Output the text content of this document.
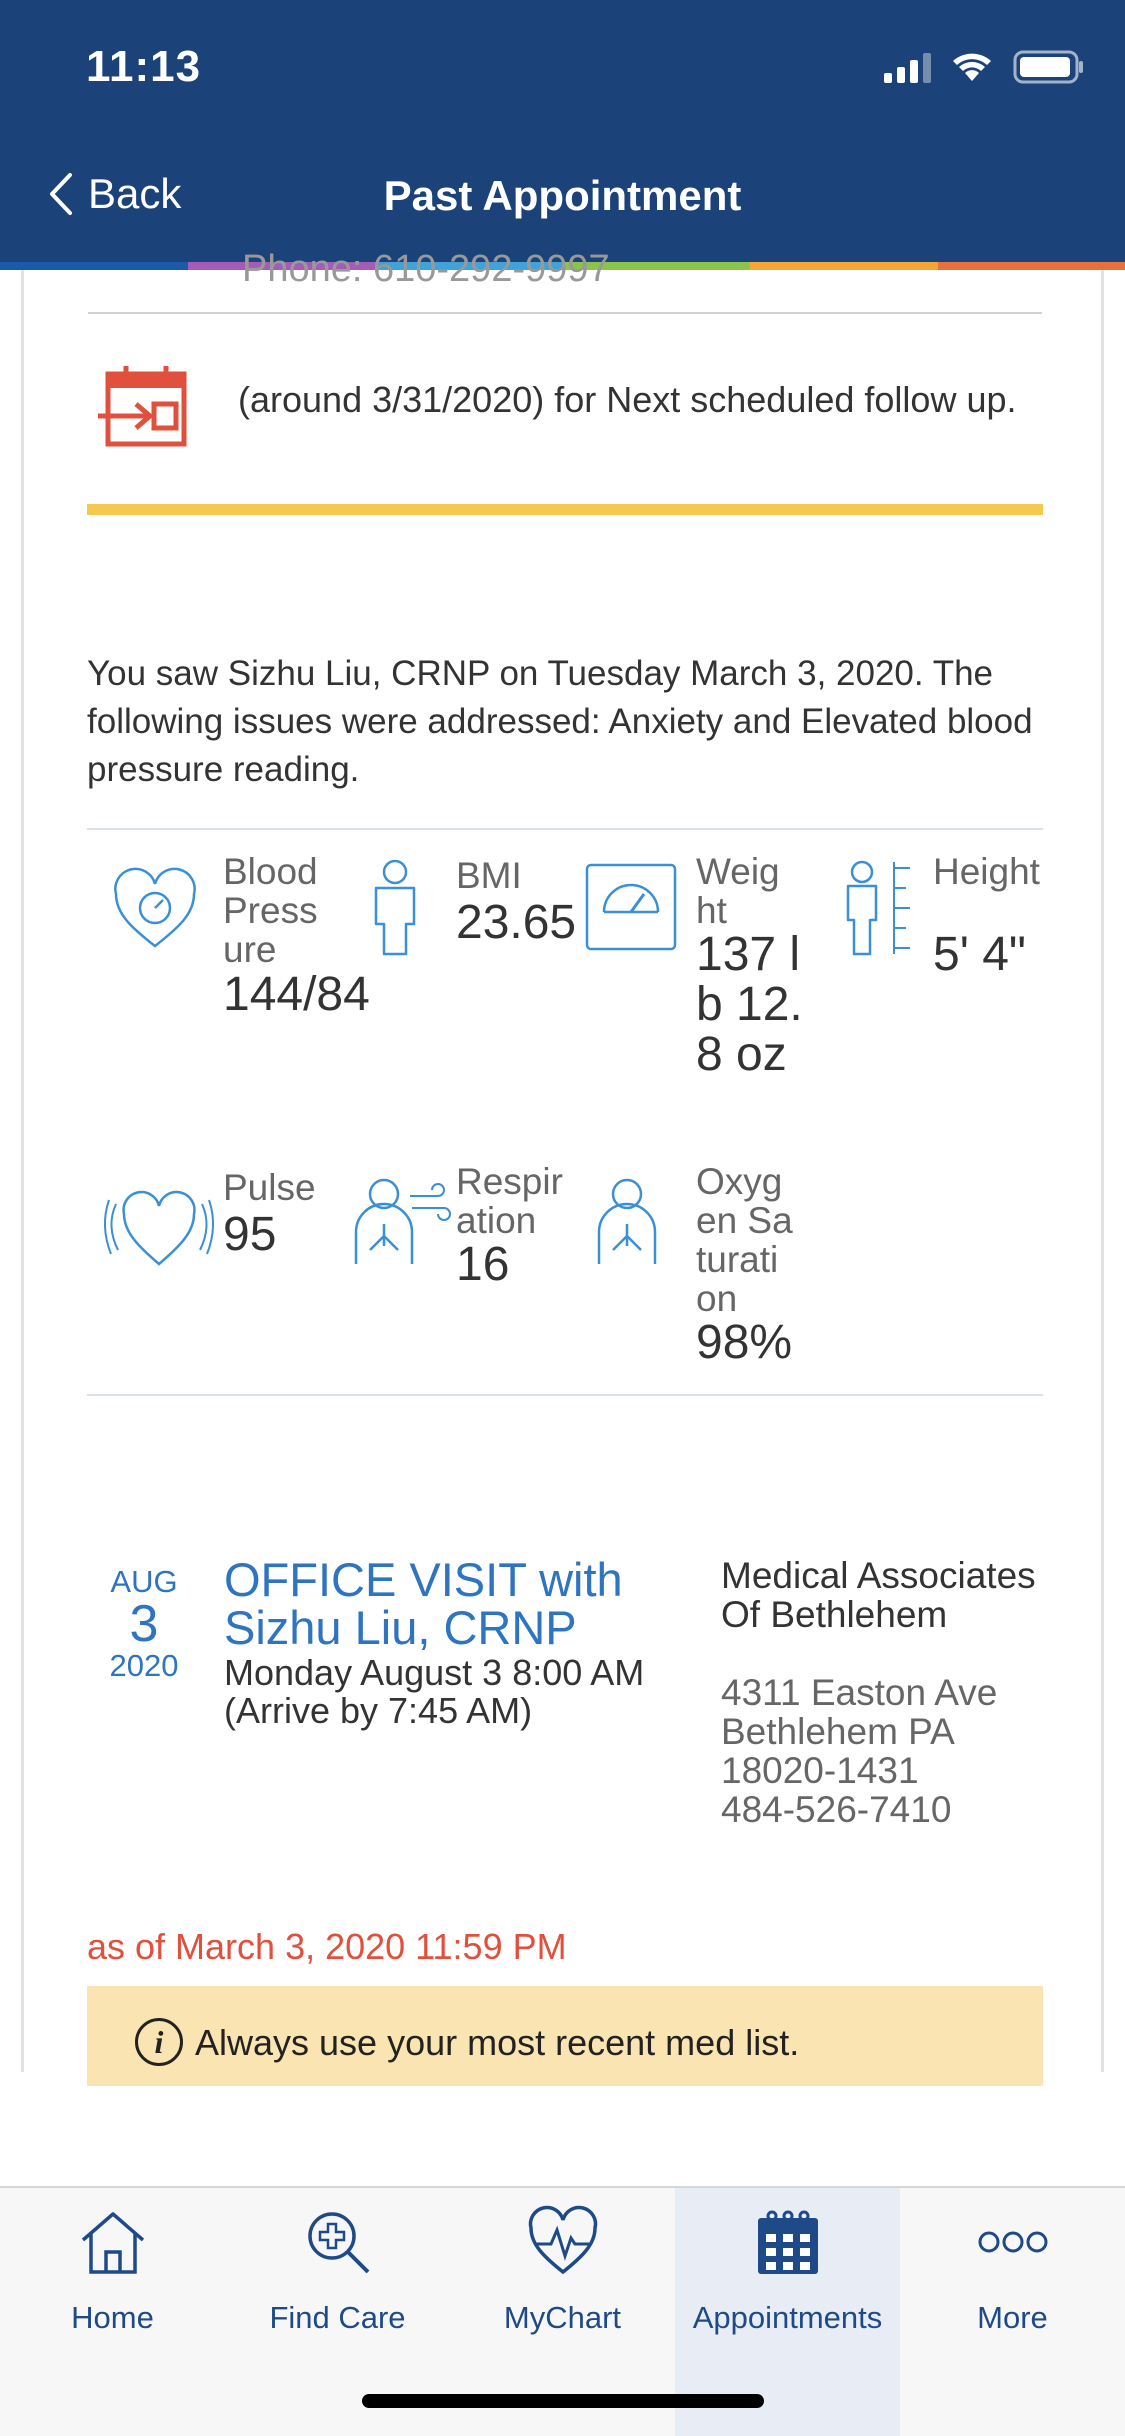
11:13
Back	Past Appointment
Phone: 610-292-9997
(around 3/31/2020) for Next scheduled follow up.
You saw Sizhu Liu, CRNP on Tuesday March 3, 2020. The following issues were addressed: Anxiety and Elevated blood pressure reading.
Blood Pressure
144/84
BMI
23.65
Weight
137 lb 12.8 oz
Height
5' 4"
Pulse
95
Respiration
16
Oxygen Saturation
98%
AUG
3
2020
OFFICE VISIT with Sizhu Liu, CRNP
Monday August 3 8:00 AM (Arrive by 7:45 AM)
Medical Associates Of Bethlehem
4311 Easton Ave
Bethlehem PA
18020-1431
484-526-7410
as of March 3, 2020 11:59 PM
i Always use your most recent med list.
Home	Find Care	MyChart	Appointments	More
